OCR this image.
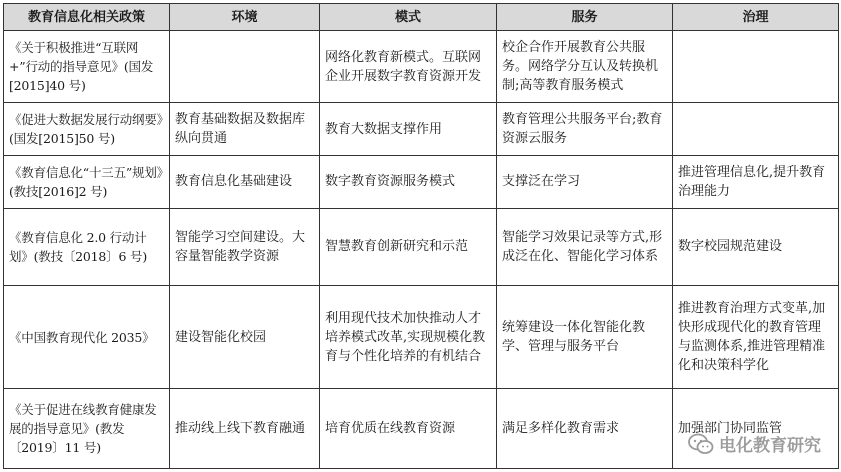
教育信息化相关政策	环境	模式	服务	治理
《关于积极推进“互联网+”行动的指导意见》(国发[2015]40 号)		网络化教育新模式。互联网企业开展数字教育资源开发	校企合作开展教育公共服务。网络学分互认及转换机制;高等教育服务模式	
《促进大数据发展行动纲要》(国发[2015]50 号)	教育基础数据及数据库纵向贯通	教育大数据支撑作用	教育管理公共服务平台;教育资源云服务	
《教育信息化“十三五”规划》(教技[2016]2 号)	教育信息化基础建设	数字教育资源服务模式	支撑泛在学习	推进管理信息化,提升教育治理能力
《教育信息化 2.0 行动计划》(教技〔2018〕6 号)	智能学习空间建设。大容量智能教学资源	智慧教育创新研究和示范	智能学习效果记录等方式,形成泛在化、智能化学习体系	数字校园规范建设
《中国教育现代化 2035》	建设智能化校园	利用现代技术加快推动人才培养模式改革,实现规模化教育与个性化培养的有机结合	统筹建设一体化智能化教学、管理与服务平台	推进教育治理方式变革,加快形成现代化的教育管理与监测体系,推进管理精准化和决策科学化
《关于促进在线教育健康发展的指导意见》(教发〔2019〕11 号)	推动线上线下教育融通	培育优质在线教育资源	满足多样化教育需求	加强部门协同监管
电化教育研究
